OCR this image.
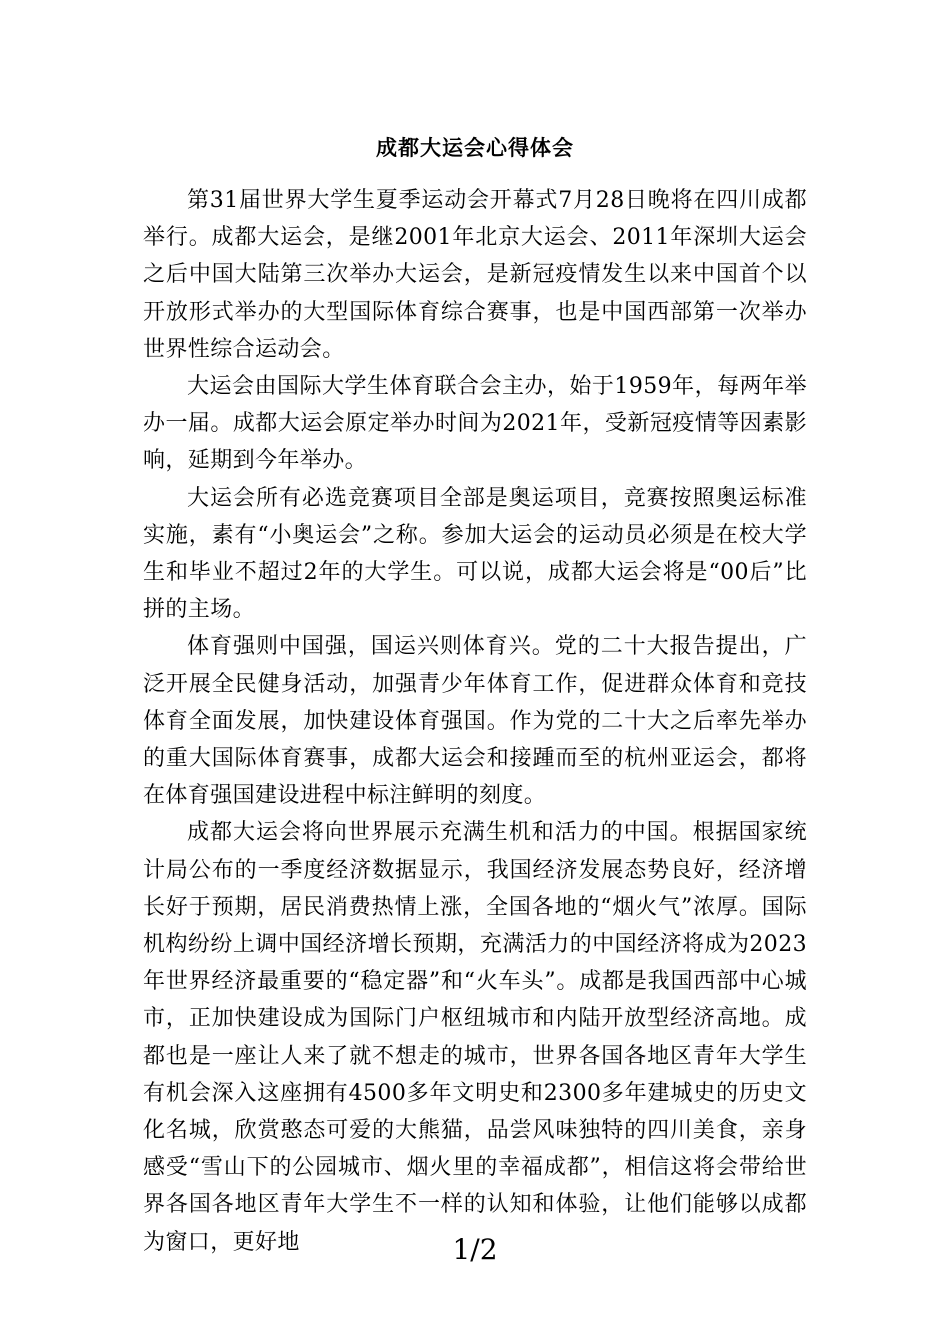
成都大运会心得体会

第31届世界大学生夏季运动会开幕式7月28日晚将在四川成都举行。成都大运会，是继2001年北京大运会、2011年深圳大运会之后中国大陆第三次举办大运会，是新冠疫情发生以来中国首个以开放形式举办的大型国际体育综合赛事，也是中国西部第一次举办世界性综合运动会。

大运会由国际大学生体育联合会主办，始于1959年，每两年举办一届。成都大运会原定举办时间为2021年，受新冠疫情等因素影响，延期到今年举办。

大运会所有必选竞赛项目全部是奥运项目，竞赛按照奥运标准实施，素有“小奥运会”之称。参加大运会的运动员必须是在校大学生和毕业不超过2年的大学生。可以说，成都大运会将是“00后”比拼的主场。

体育强则中国强，国运兴则体育兴。党的二十大报告提出，广泛开展全民健身活动，加强青少年体育工作，促进群众体育和竞技体育全面发展，加快建设体育强国。作为党的二十大之后率先举办的重大国际体育赛事，成都大运会和接踵而至的杭州亚运会，都将在体育强国建设进程中标注鲜明的刻度。

成都大运会将向世界展示充满生机和活力的中国。根据国家统计局公布的一季度经济数据显示，我国经济发展态势良好，经济增长好于预期，居民消费热情上涨，全国各地的“烟火气”浓厚。国际机构纷纷上调中国经济增长预期，充满活力的中国经济将成为2023年世界经济最重要的“稳定器”和“火车头”。成都是我国西部中心城市，正加快建设成为国际门户枢纽城市和内陆开放型经济高地。成都也是一座让人来了就不想走的城市，世界各国各地区青年大学生有机会深入这座拥有4500多年文明史和2300多年建城史的历史文化名城，欣赏憨态可爱的大熊猫，品尝风味独特的四川美食，亲身感受“雪山下的公园城市、烟火里的幸福成都”，相信这将会带给世界各国各地区青年大学生不一样的认知和体验，让他们能够以成都为窗口，更好地	1/2
